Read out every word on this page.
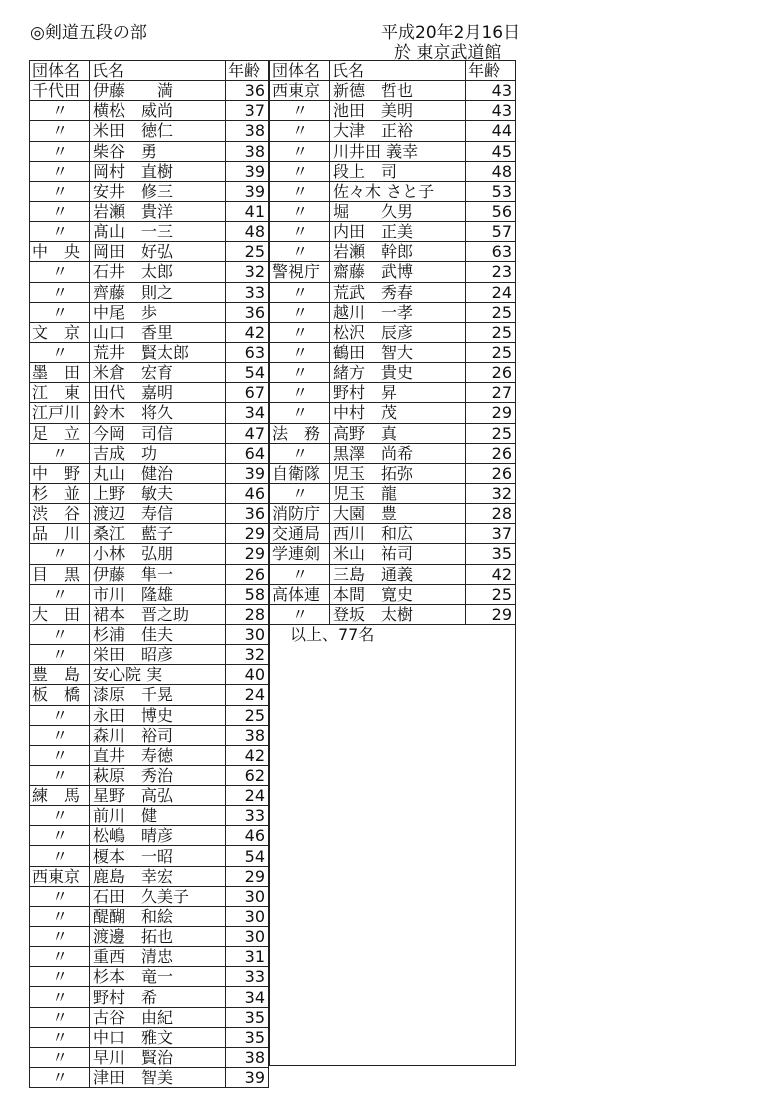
◎剣道五段の部	平成20年2月16日
於 東京武道館
団体名	氏名	年齢
千代田	伊藤　　満	36
〃	横松　威尚	37
〃	米田　徳仁	38
〃	柴谷　勇	38
〃	岡村　直樹	39
〃	安井　修三	39
〃	岩瀬　貴洋	41
〃	髙山　一三	48
中　央	岡田　好弘	25
〃	石井　太郎	32
〃	齊藤　則之	33
〃	中尾　歩	36
文　京	山口　香里	42
〃	荒井　賢太郎	63
墨　田	米倉　宏育	54
江　東	田代　嘉明	67
江戸川	鈴木　将久	34
足　立	今岡　司信	47
〃	吉成　功	64
中　野	丸山　健治	39
杉　並	上野　敏夫	46
渋　谷	渡辺　寿信	36
品　川	桑江　藍子	29
〃	小林　弘朋	29
目　黒	伊藤　隼一	26
〃	市川　隆雄	58
大　田	裙本　晋之助	28
〃	杉浦　佳夫	30
〃	栄田　昭彦	32
豊　島	安心院 実	40
板　橋	漆原　千晃	24
〃	永田　博史	25
〃	森川　裕司	38
〃	直井　寿徳	42
〃	萩原　秀治	62
練　馬	星野　高弘	24
〃	前川　健	33
〃	松嶋　晴彦	46
〃	榎本　一昭	54
西東京	鹿島　幸宏	29
〃	石田　久美子	30
〃	醍醐　和絵	30
〃	渡邊　拓也	30
〃	重西　清忠	31
〃	杉本　竜一	33
〃	野村　希	34
〃	古谷　由紀	35
〃	中口　雅文	35
〃	早川　賢治	38
〃	津田　智美	39
団体名	氏名	年齢
西東京	新德　哲也	43
〃	池田　美明	43
〃	大津　正裕	44
〃	川井田 義幸	45
〃	段上　司	48
〃	佐々木 さと子	53
〃	堀　　久男	56
〃	内田　正美	57
〃	岩瀬　幹郎	63
警視庁	齋藤　武博	23
〃	荒武　秀春	24
〃	越川　一孝	25
〃	松沢　辰彦	25
〃	鶴田　智大	25
〃	緒方　貴史	26
〃	野村　昇	27
〃	中村　茂	29
法　務	高野　真	25
〃	黒澤　尚希	26
自衛隊	児玉　拓弥	26
〃	児玉　龍	32
消防庁	大園　豊	28
交通局	西川　和広	37
学連剣	米山　祐司	35
〃	三島　通義	42
高体連	本間　寛史	25
〃	登坂　太樹	29
以上、77名		
